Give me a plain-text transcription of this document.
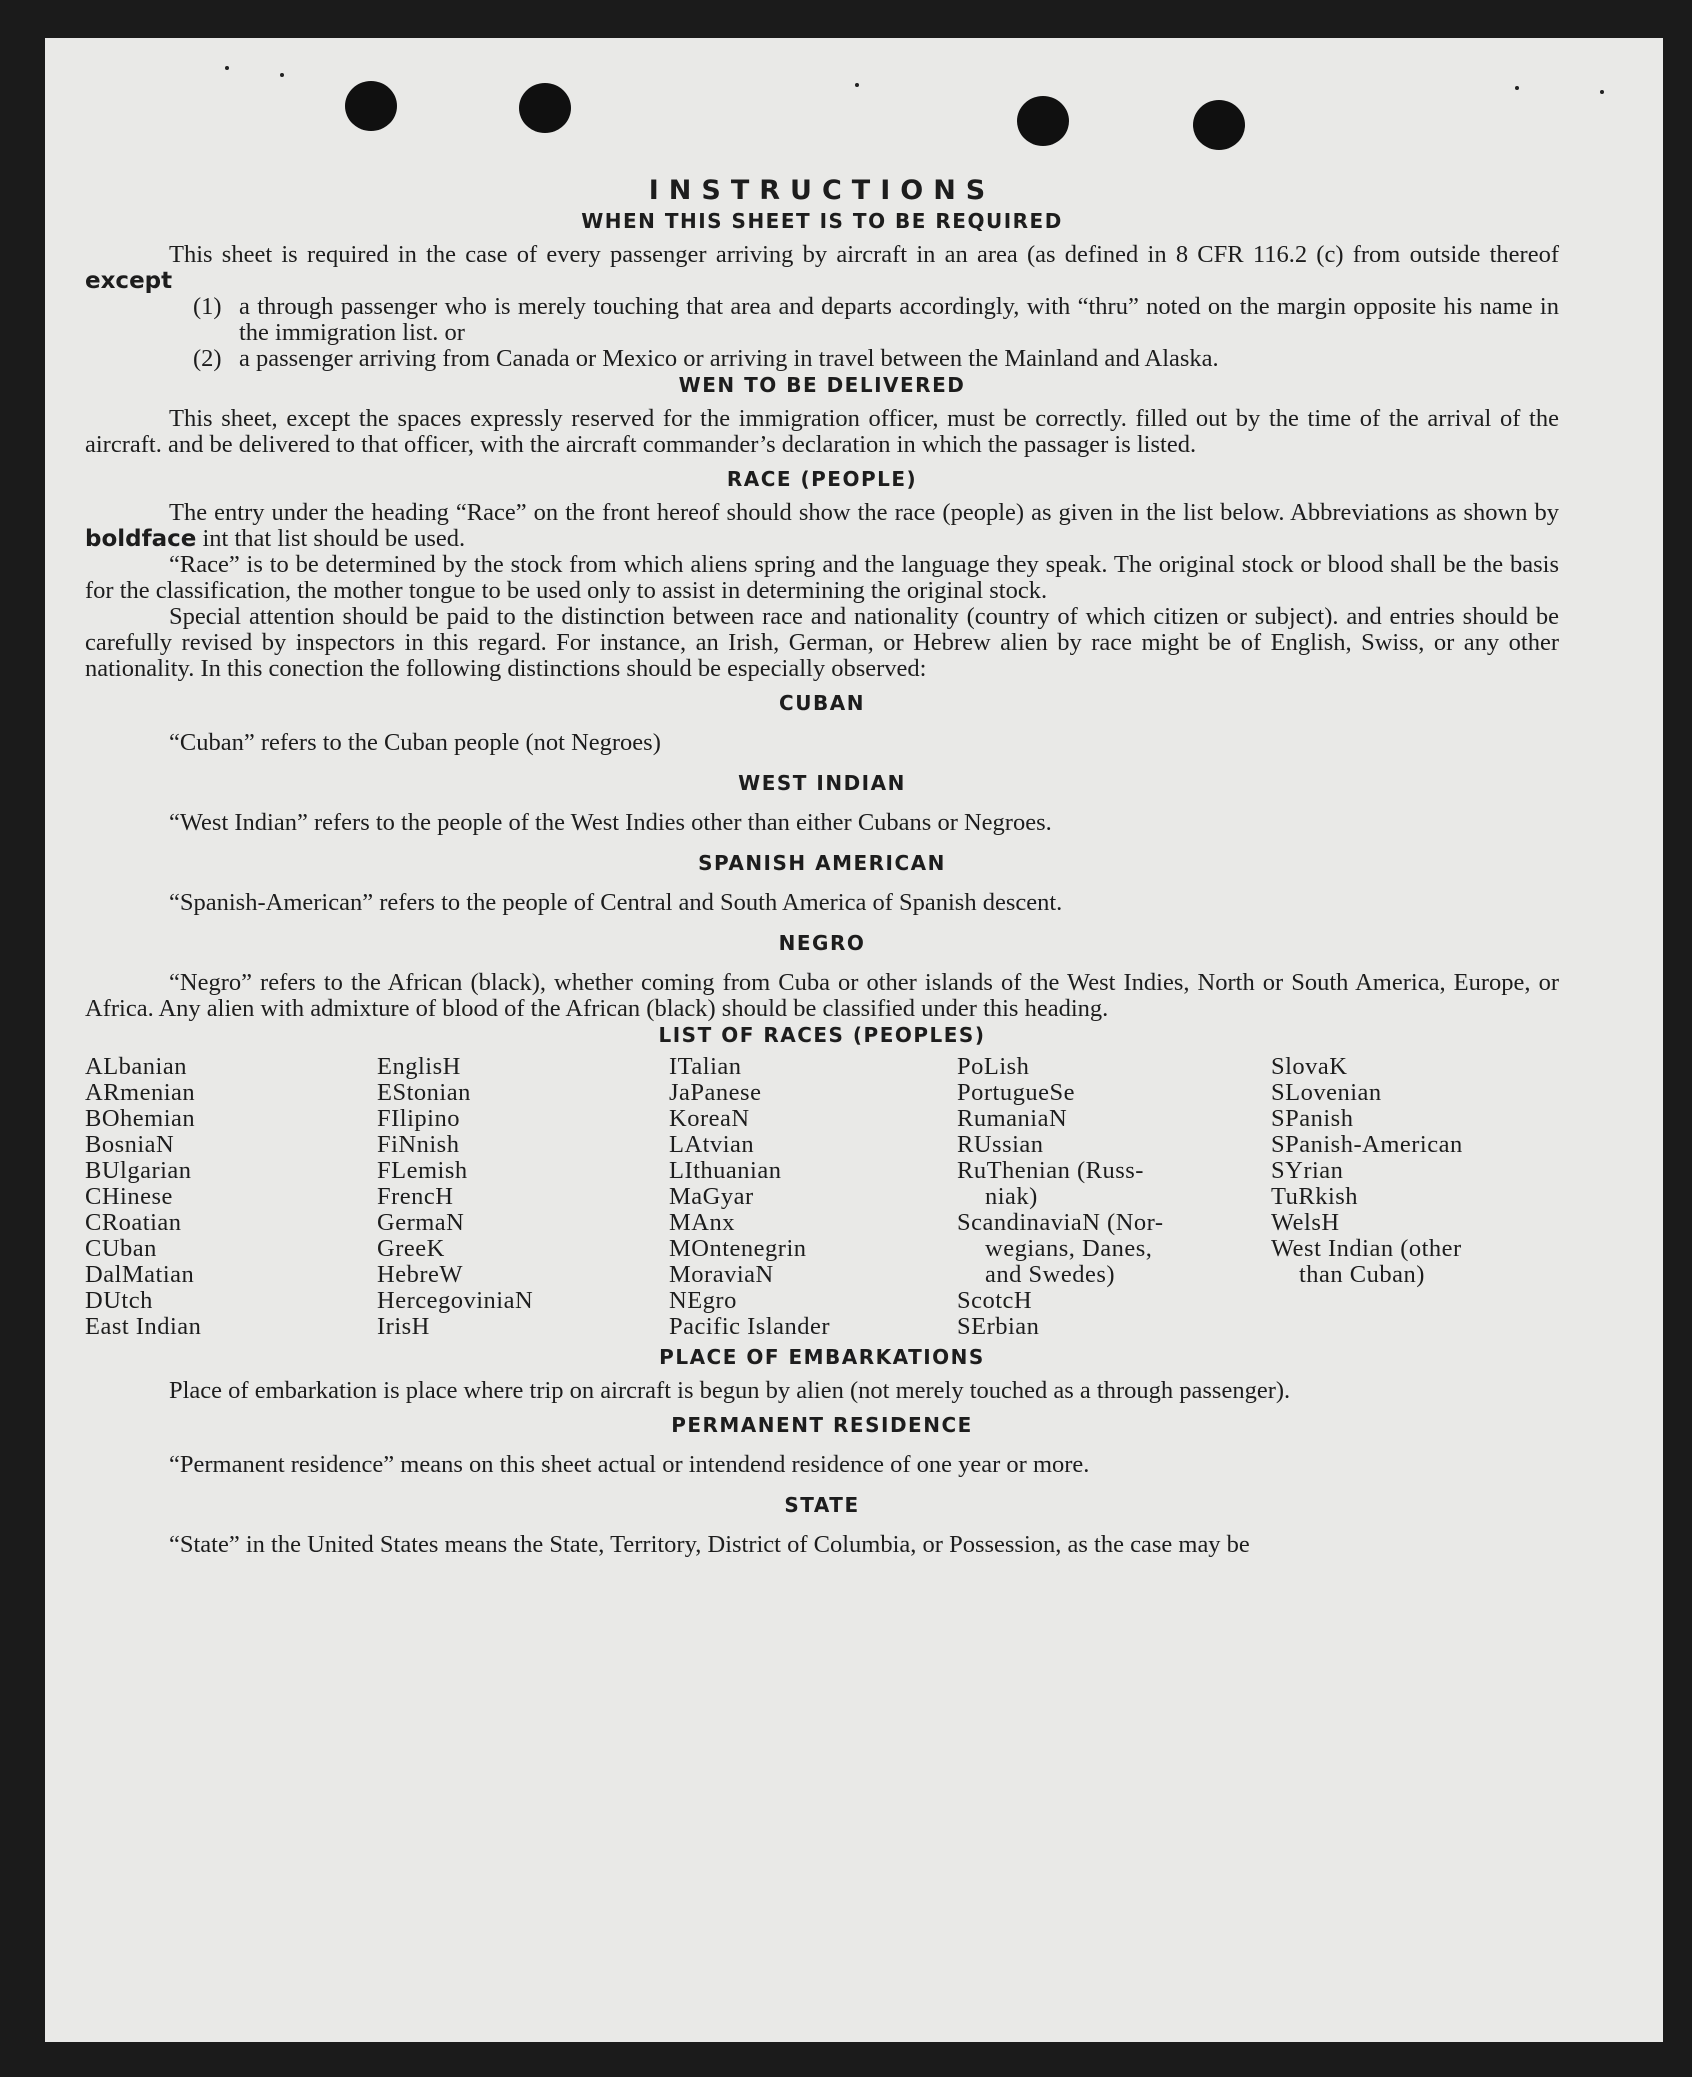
INSTRUCTIONS
WHEN THIS SHEET IS TO BE REQUIRED

This sheet is required in the case of every passenger arriving by aircraft in an area (as defined in 8 CFR 116.2 (c) from outside thereof except

(1) a through passenger who is merely touching that area and departs accordingly, with “thru” noted on the margin opposite his name in the immigration list. or
(2) a passenger arriving from Canada or Mexico or arriving in travel between the Mainland and Alaska.
WEN TO BE DELIVERED

This sheet, except the spaces expressly reserved for the immigration officer, must be correctly. filled out by the time of the arrival of the aircraft. and be delivered to that officer, with the aircraft commander’s declaration in which the passager is listed.

RACE (PEOPLE)

The entry under the heading “Race” on the front hereof should show the race (people) as given in the list below. Abbreviations as shown by boldface int that list should be used.

“Race” is to be determined by the stock from which aliens spring and the language they speak. The original stock or blood shall be the basis for the classification, the mother tongue to be used only to assist in determining the original stock.

Special attention should be paid to the distinction between race and nationality (country of which citizen or subject). and entries should be carefully revised by inspectors in this regard. For instance, an Irish, German, or Hebrew alien by race might be of English, Swiss, or any other nationality. In this conection the following distinctions should be especially observed:

CUBAN

“Cuban” refers to the Cuban people (not Negroes)

WEST INDIAN

“West Indian” refers to the people of the West Indies other than either Cubans or Negroes.

SPANISH AMERICAN

“Spanish-American” refers to the people of Central and South America of Spanish descent.

NEGRO

“Negro” refers to the African (black), whether coming from Cuba or other islands of the West Indies, North or South America, Europe, or Africa. Any alien with admixture of blood of the African (black) should be classified under this heading.

LIST OF RACES (PEOPLES)
ALbanian
ARmenian
BOhemian
BosniaN
BUlgarian
CHinese
CRoatian
CUban
DalMatian
DUtch
East Indian
EnglisH
EStonian
FIlipino
FiNnish
FLemish
FrencH
GermaN
GreeK
HebreW
HercegoviniaN
IrisH
ITalian
JaPanese
KoreaN
LAtvian
LIthuanian
MaGyar
MAnx
MOntenegrin
MoraviaN
NEgro
Pacific Islander
PoLish
PortugueSe
RumaniaN
RUssian
RuThenian (Russ-
niak)
ScandinaviaN (Nor-
wegians, Danes,
and Swedes)
ScotcH
SErbian
SlovaK
SLovenian
SPanish
SPanish-American
SYrian
TuRkish
WelsH
West Indian (other
than Cuban)
PLACE OF EMBARKATIONS

Place of embarkation is place where trip on aircraft is begun by alien (not merely touched as a through passenger).

PERMANENT RESIDENCE

“Permanent residence” means on this sheet actual or intendend residence of one year or more.

STATE

“State” in the United States means the State, Territory, District of Columbia, or Possession, as the case may be
